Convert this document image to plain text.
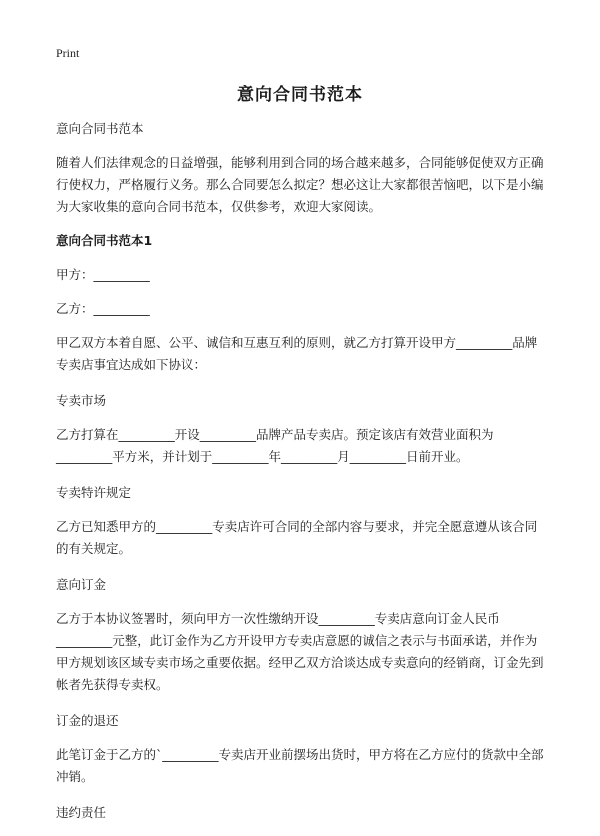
Print
意向合同书范本

意向合同书范本

随着人们法律观念的日益增强，能够利用到合同的场合越来越多，合同能够促使双方正确行使权力，严格履行义务。那么合同要怎么拟定？想必这让大家都很苦恼吧，以下是小编为大家收集的意向合同书范本，仅供参考，欢迎大家阅读。

意向合同书范本1

甲方：_________

乙方：_________

甲乙双方本着自愿、公平、诚信和互惠互利的原则，就乙方打算开设甲方_________品牌专卖店事宜达成如下协议：

专卖市场

乙方打算在_________开设_________品牌产品专卖店。预定该店有效营业面积为_________平方米，并计划于_________年_________月_________日前开业。

专卖特许规定

乙方已知悉甲方的_________专卖店许可合同的全部内容与要求，并完全愿意遵从该合同的有关规定。

意向订金

乙方于本协议签署时，须向甲方一次性缴纳开设_________专卖店意向订金人民币_________元整，此订金作为乙方开设甲方专卖店意愿的诚信之表示与书面承诺，并作为甲方规划该区域专卖市场之重要依据。经甲乙双方洽谈达成专卖意向的经销商，订金先到帐者先获得专卖权。

订金的退还

此笔订金于乙方的`_________专卖店开业前摆场出货时，甲方将在乙方应付的货款中全部冲销。

违约责任
